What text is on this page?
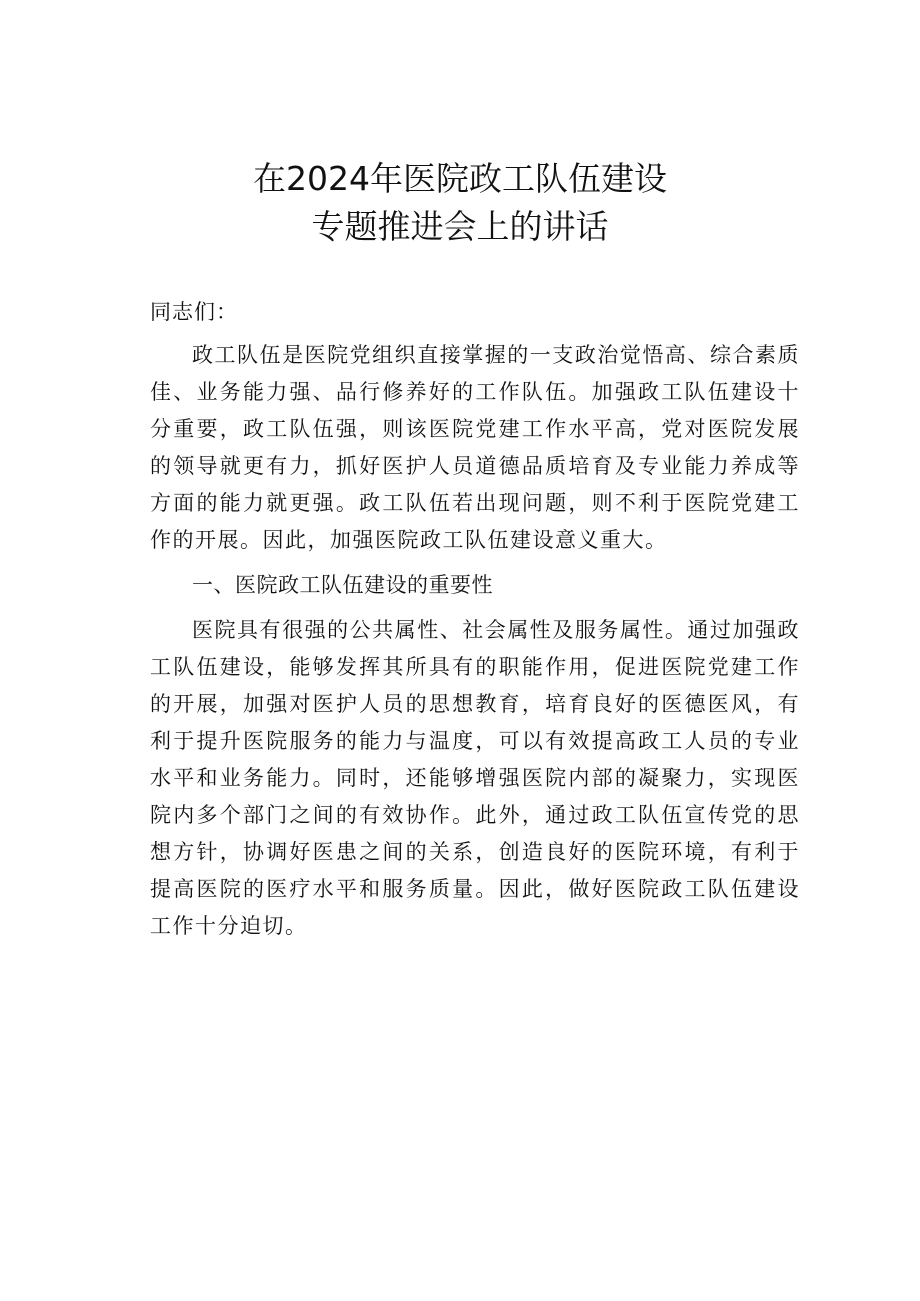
在2024年医院政工队伍建设
专题推进会上的讲话

同志们：

政工队伍是医院党组织直接掌握的一支政治觉悟高、综合素质佳、业务能力强、品行修养好的工作队伍。加强政工队伍建设十分重要，政工队伍强，则该医院党建工作水平高，党对医院发展的领导就更有力，抓好医护人员道德品质培育及专业能力养成等方面的能力就更强。政工队伍若出现问题，则不利于医院党建工作的开展。因此，加强医院政工队伍建设意义重大。

一、医院政工队伍建设的重要性

医院具有很强的公共属性、社会属性及服务属性。通过加强政工队伍建设，能够发挥其所具有的职能作用，促进医院党建工作的开展，加强对医护人员的思想教育，培育良好的医德医风，有利于提升医院服务的能力与温度，可以有效提高政工人员的专业水平和业务能力。同时，还能够增强医院内部的凝聚力，实现医院内多个部门之间的有效协作。此外，通过政工队伍宣传党的思想方针，协调好医患之间的关系，创造良好的医院环境，有利于提高医院的医疗水平和服务质量。因此，做好医院政工队伍建设工作十分迫切。
